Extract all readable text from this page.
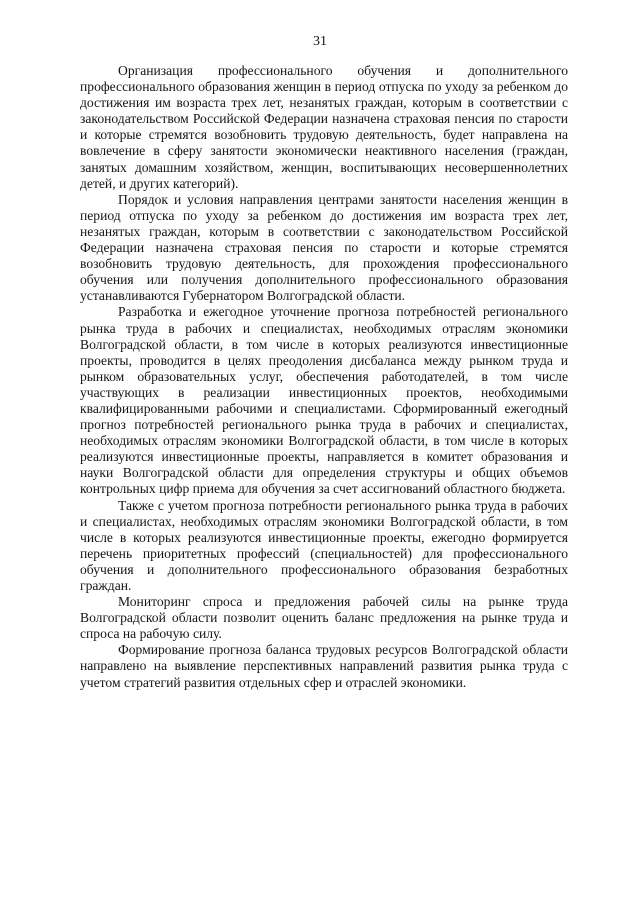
31

Организация профессионального обучения и дополнительного профессионального образования женщин в период отпуска по уходу за ребенком до достижения им возраста трех лет, незанятых граждан, которым в соответствии с законодательством Российской Федерации назначена страховая пенсия по старости и которые стремятся возобновить трудовую деятельность, будет направлена на вовлечение в сферу занятости экономически неактивного населения (граждан, занятых домашним хозяйством, женщин, воспитывающих несовершеннолетних детей, и других категорий).

Порядок и условия направления центрами занятости населения женщин в период отпуска по уходу за ребенком до достижения им возраста трех лет, незанятых граждан, которым в соответствии с законодательством Российской Федерации назначена страховая пенсия по старости и которые стремятся возобновить трудовую деятельность, для прохождения профессионального обучения или получения дополнительного профессионального образования устанавливаются Губернатором Волгоградской области.

Разработка и ежегодное уточнение прогноза потребностей регионального рынка труда в рабочих и специалистах, необходимых отраслям экономики Волгоградской области, в том числе в которых реализуются инвестиционные проекты, проводится в целях преодоления дисбаланса между рынком труда и рынком образовательных услуг, обеспечения работодателей, в том числе участвующих в реализации инвестиционных проектов, необходимыми квалифицированными рабочими и специалистами. Сформированный ежегодный прогноз потребностей регионального рынка труда в рабочих и специалистах, необходимых отраслям экономики Волгоградской области, в том числе в которых реализуются инвестиционные проекты, направляется в комитет образования и науки Волгоградской области для определения структуры и общих объемов контрольных цифр приема для обучения за счет ассигнований областного бюджета.

Также с учетом прогноза потребности регионального рынка труда в рабочих и специалистах, необходимых отраслям экономики Волгоградской области, в том числе в которых реализуются инвестиционные проекты, ежегодно формируется перечень приоритетных профессий (специальностей) для профессионального обучения и дополнительного профессионального образования безработных граждан.

Мониторинг спроса и предложения рабочей силы на рынке труда Волгоградской области позволит оценить баланс предложения на рынке труда и спроса на рабочую силу.

Формирование прогноза баланса трудовых ресурсов Волгоградской области направлено на выявление перспективных направлений развития рынка труда с учетом стратегий развития отдельных сфер и отраслей экономики.
